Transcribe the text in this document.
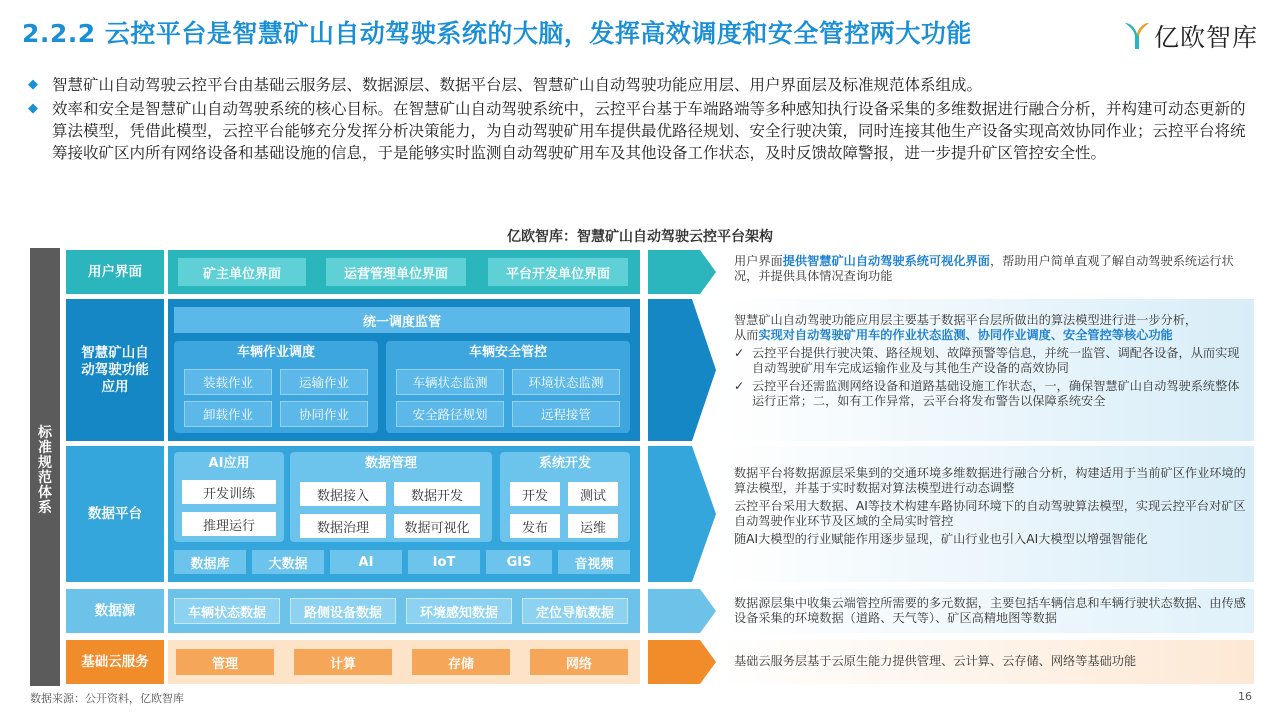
2.2.2 云控平台是智慧矿山自动驾驶系统的大脑，发挥高效调度和安全管控两大功能	亿欧智库
◆ 智慧矿山自动驾驶云控平台由基础云服务层、数据源层、数据平台层、智慧矿山自动驾驶功能应用层、用户界面层及标准规范体系组成。
◆ 效率和安全是智慧矿山自动驾驶系统的核心目标。在智慧矿山自动驾驶系统中，云控平台基于车端路端等多种感知执行设备采集的多维数据进行融合分析，并构建可动态更新的算法模型，凭借此模型，云控平台能够充分发挥分析决策能力，为自动驾驶矿用车提供最优路径规划、安全行驶决策，同时连接其他生产设备实现高效协同作业；云控平台将统筹接收矿区内所有网络设备和基础设施的信息，于是能够实时监测自动驾驶矿用车及其他设备工作状态，及时反馈故障警报，进一步提升矿区管控安全性。
亿欧智库：智慧矿山自动驾驶云控平台架构
标
准
规
范
体
系
用户界面	矿主单位界面	运营管理单位界面	平台开发单位界面
智慧矿山自动驾驶功能应用
统一调度监管
车辆作业调度
装载作业	运输作业
卸载作业	协同作业
车辆安全管控
车辆状态监测	环境状态监测
安全路径规划	远程接管
数据平台
AI应用
开发训练
推理运行
数据管理
数据接入	数据开发
数据治理	数据可视化
系统开发
开发	测试
发布	运维
数据库	大数据	AI	IoT	GIS	音视频
数据源	车辆状态数据	路侧设备数据	环境感知数据	定位导航数据
基础云服务	管理	计算	存储	网络
用户界面提供智慧矿山自动驾驶系统可视化界面，帮助用户简单直观了解自动驾驶系统运行状况，并提供具体情况查询功能

智慧矿山自动驾驶功能应用层主要基于数据平台层所做出的算法模型进行进一步分析，

从而实现对自动驾驶矿用车的作业状态监测、协同作业调度、安全管控等核心功能

✓ 云控平台提供行驶决策、路径规划、故障预警等信息，并统一监管、调配各设备，从而实现自动驾驶矿用车完成运输作业及与其他生产设备的高效协同
✓ 云控平台还需监测网络设备和道路基础设施工作状态，一，确保智慧矿山自动驾驶系统整体运行正常；二，如有工作异常，云平台将发布警告以保障系统安全

数据平台将数据源层采集到的交通环境多维数据进行融合分析，构建适用于当前矿区作业环境的算法模型，并基于实时数据对算法模型进行动态调整

云控平台采用大数据、AI等技术构建车路协同环境下的自动驾驶算法模型，实现云控平台对矿区自动驾驶作业环节及区域的全局实时管控

随AI大模型的行业赋能作用逐步显现，矿山行业也引入AI大模型以增强智能化

数据源层集中收集云端管控所需要的多元数据，主要包括车辆信息和车辆行驶状态数据、由传感设备采集的环境数据（道路、天气等）、矿区高精地图等数据
基础云服务层基于云原生能力提供管理、云计算、云存储、网络等基础功能
数据来源：公开资料，亿欧智库	16
